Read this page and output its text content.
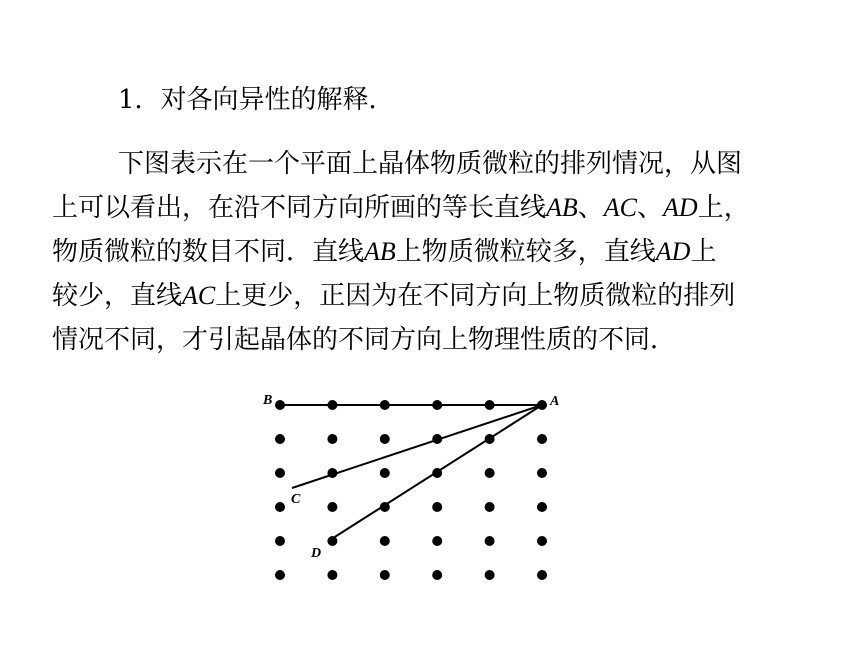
1．对各向异性的解释．
下图表示在一个平面上晶体物质微粒的排列情况，从图
上可以看出，在沿不同方向所画的等长直线AB、AC、AD上，
物质微粒的数目不同．直线AB上物质微粒较多，直线AD上
较少，直线AC上更少，正因为在不同方向上物质微粒的排列
情况不同，才引起晶体的不同方向上物理性质的不同．
B	A
C
D
